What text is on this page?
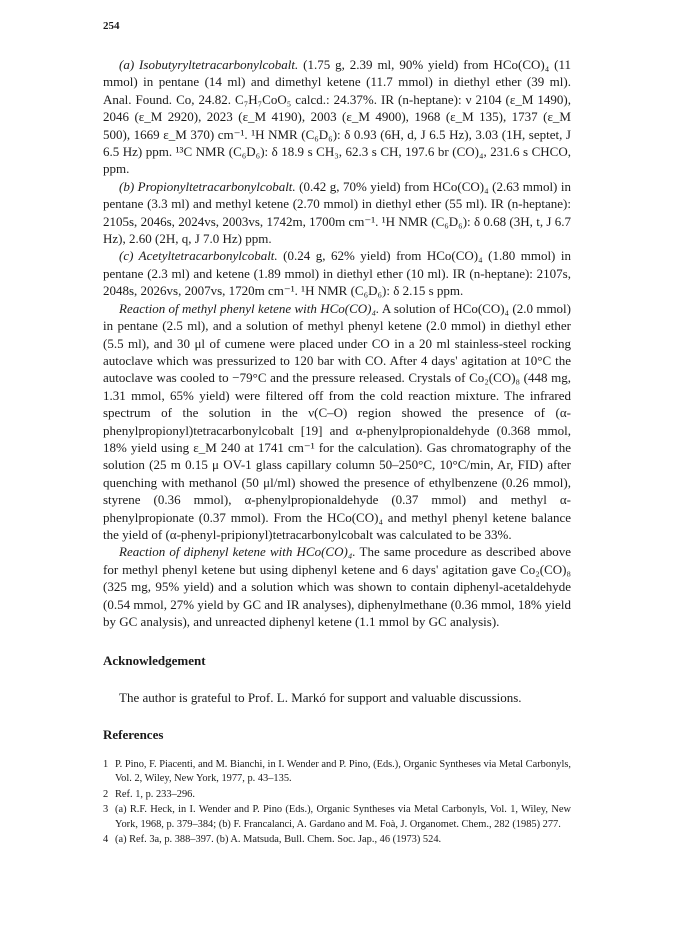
254

(a) Isobutyryltetracarbonylcobalt. (1.75 g, 2.39 ml, 90% yield) from HCo(CO)₄ (11 mmol) in pentane (14 ml) and dimethyl ketene (11.7 mmol) in diethyl ether (39 ml). Anal. Found. Co, 24.82. C₇H₇CoO₅ calcd.: 24.37%. IR (n-heptane): ν 2104 (ε_M 1490), 2046 (ε_M 2920), 2023 (ε_M 4190), 2003 (ε_M 4900), 1968 (ε_M 135), 1737 (ε_M 500), 1669 ε_M 370) cm⁻¹. ¹H NMR (C₆D₆): δ 0.93 (6H, d, J 6.5 Hz), 3.03 (1H, septet, J 6.5 Hz) ppm. ¹³C NMR (C₆D₆): δ 18.9 s CH₃, 62.3 s CH, 197.6 br (CO)₄, 231.6 s CHCO, ppm.

(b) Propionyltetracarbonylcobalt. (0.42 g, 70% yield) from HCo(CO)₄ (2.63 mmol) in pentane (3.3 ml) and methyl ketene (2.70 mmol) in diethyl ether (55 ml). IR (n-heptane): 2105s, 2046s, 2024vs, 2003vs, 1742m, 1700m cm⁻¹. ¹H NMR (C₆D₆): δ 0.68 (3H, t, J 6.7 Hz), 2.60 (2H, q, J 7.0 Hz) ppm.

(c) Acetyltetracarbonylcobalt. (0.24 g, 62% yield) from HCo(CO)₄ (1.80 mmol) in pentane (2.3 ml) and ketene (1.89 mmol) in diethyl ether (10 ml). IR (n-heptane): 2107s, 2048s, 2026vs, 2007vs, 1720m cm⁻¹. ¹H NMR (C₆D₆): δ 2.15 s ppm.

Reaction of methyl phenyl ketene with HCo(CO)₄. A solution of HCo(CO)₄ (2.0 mmol) in pentane (2.5 ml), and a solution of methyl phenyl ketene (2.0 mmol) in diethyl ether (5.5 ml), and 30 μl of cumene were placed under CO in a 20 ml stainless-steel rocking autoclave which was pressurized to 120 bar with CO. After 4 days' agitation at 10°C the autoclave was cooled to −79°C and the pressure released. Crystals of Co₂(CO)₈ (448 mg, 1.31 mmol, 65% yield) were filtered off from the cold reaction mixture. The infrared spectrum of the solution in the ν(C–O) region showed the presence of (α-phenylpropionyl)tetracarbonylcobalt [19] and α-phenylpropionaldehyde (0.368 mmol, 18% yield using ε_M 240 at 1741 cm⁻¹ for the calculation). Gas chromatography of the solution (25 m 0.15 μ OV-1 glass capillary column 50–250°C, 10°C/min, Ar, FID) after quenching with methanol (50 μl/ml) showed the presence of ethylbenzene (0.26 mmol), styrene (0.36 mmol), α-phenylpropionaldehyde (0.37 mmol) and methyl α-phenylpropionate (0.37 mmol). From the HCo(CO)₄ and methyl phenyl ketene balance the yield of (α-phenyl-pripionyl)tetracarbonylcobalt was calculated to be 33%.

Reaction of diphenyl ketene with HCo(CO)₄. The same procedure as described above for methyl phenyl ketene but using diphenyl ketene and 6 days' agitation gave Co₂(CO)₈ (325 mg, 95% yield) and a solution which was shown to contain diphenyl-acetaldehyde (0.54 mmol, 27% yield by GC and IR analyses), diphenylmethane (0.36 mmol, 18% yield by GC analysis), and unreacted diphenyl ketene (1.1 mmol by GC analysis).

Acknowledgement

The author is grateful to Prof. L. Markó for support and valuable discussions.

References
1 P. Pino, F. Piacenti, and M. Bianchi, in I. Wender and P. Pino, (Eds.), Organic Syntheses via Metal Carbonyls, Vol. 2, Wiley, New York, 1977, p. 43–135.
2 Ref. 1, p. 233–296.
3 (a) R.F. Heck, in I. Wender and P. Pino (Eds.), Organic Syntheses via Metal Carbonyls, Vol. 1, Wiley, New York, 1968, p. 379–384; (b) F. Francalanci, A. Gardano and M. Foà, J. Organomet. Chem., 282 (1985) 277.
4 (a) Ref. 3a, p. 388–397. (b) A. Matsuda, Bull. Chem. Soc. Jap., 46 (1973) 524.
